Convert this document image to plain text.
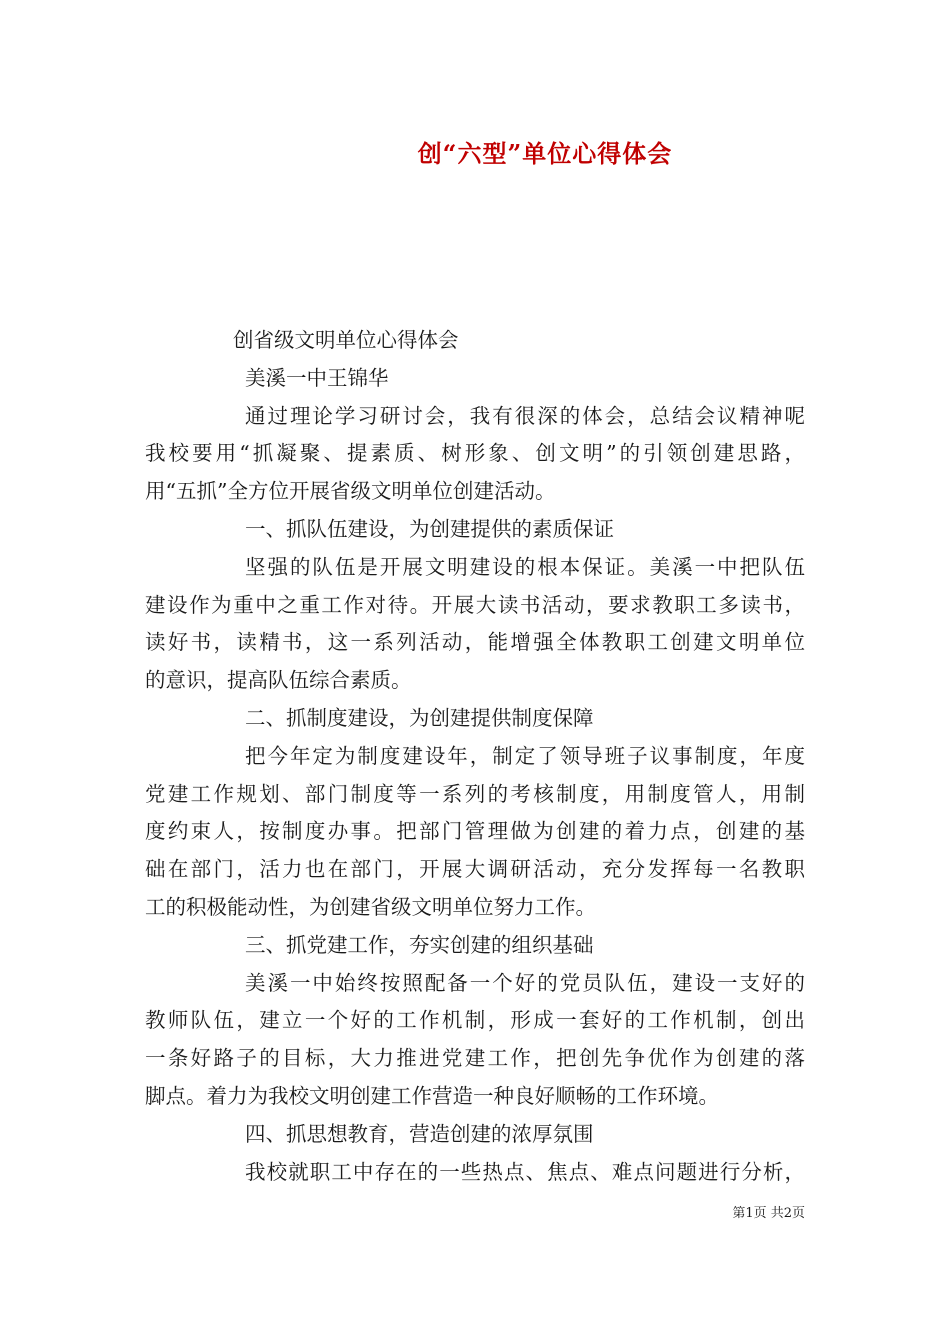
创“六型”单位心得体会
创省级文明单位心得体会
美溪一中王锦华
通过理论学习研讨会，我有很深的体会，总结会议精神呢
我校要用“抓凝聚、提素质、树形象、创文明”的引领创建思路，
用“五抓”全方位开展省级文明单位创建活动。
一、抓队伍建设，为创建提供的素质保证
坚强的队伍是开展文明建设的根本保证。美溪一中把队伍
建设作为重中之重工作对待。开展大读书活动，要求教职工多读书，
读好书，读精书，这一系列活动，能增强全体教职工创建文明单位
的意识，提高队伍综合素质。
二、抓制度建设，为创建提供制度保障
把今年定为制度建设年，制定了领导班子议事制度，年度
党建工作规划、部门制度等一系列的考核制度，用制度管人，用制
度约束人，按制度办事。把部门管理做为创建的着力点，创建的基
础在部门，活力也在部门，开展大调研活动，充分发挥每一名教职
工的积极能动性，为创建省级文明单位努力工作。
三、抓党建工作，夯实创建的组织基础
美溪一中始终按照配备一个好的党员队伍，建设一支好的
教师队伍，建立一个好的工作机制，形成一套好的工作机制，创出
一条好路子的目标，大力推进党建工作，把创先争优作为创建的落
脚点。着力为我校文明创建工作营造一种良好顺畅的工作环境。
四、抓思想教育，营造创建的浓厚氛围
我校就职工中存在的一些热点、焦点、难点问题进行分析，
第1页 共2页
